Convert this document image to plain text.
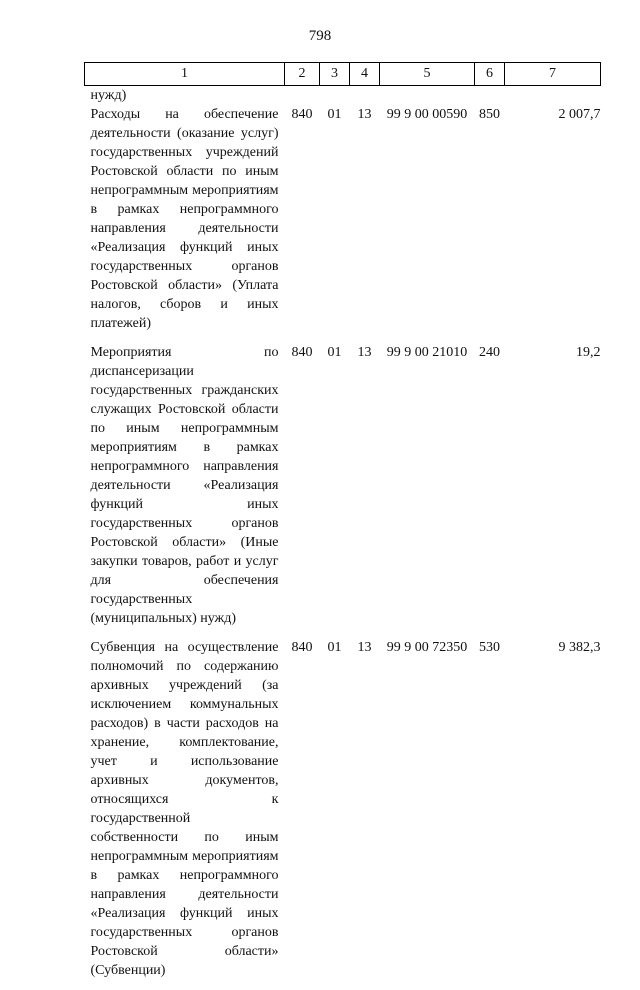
798
1	2	3	4	5	6	7
нужд)						
Расходы на обеспечение деятельности (оказание услуг) государственных учреждений Ростовской области по иным непрограммным мероприятиям в рамках непрограммного направления деятельности «Реализация функций иных государственных органов Ростовской области» (Уплата налогов, сборов и иных платежей)	840	01	13	99 9 00 00590	850	2 007,7
Мероприятия по диспансеризации государственных гражданских служащих Ростовской области по иным непрограммным мероприятиям в рамках непрограммного направления деятельности «Реализация функций иных государственных органов Ростовской области» (Иные закупки товаров, работ и услуг для обеспечения государственных (муниципальных) нужд)	840	01	13	99 9 00 21010	240	19,2
Субвенция на осуществление полномочий по содержанию архивных учреждений (за исключением коммунальных расходов) в части расходов на хранение, комплектование, учет и использование архивных документов, относящихся к государственной собственности по иным непрограммным мероприятиям в рамках непрограммного направления деятельности «Реализация функций иных государственных органов Ростовской области» (Субвенции)	840	01	13	99 9 00 72350	530	9 382,3
